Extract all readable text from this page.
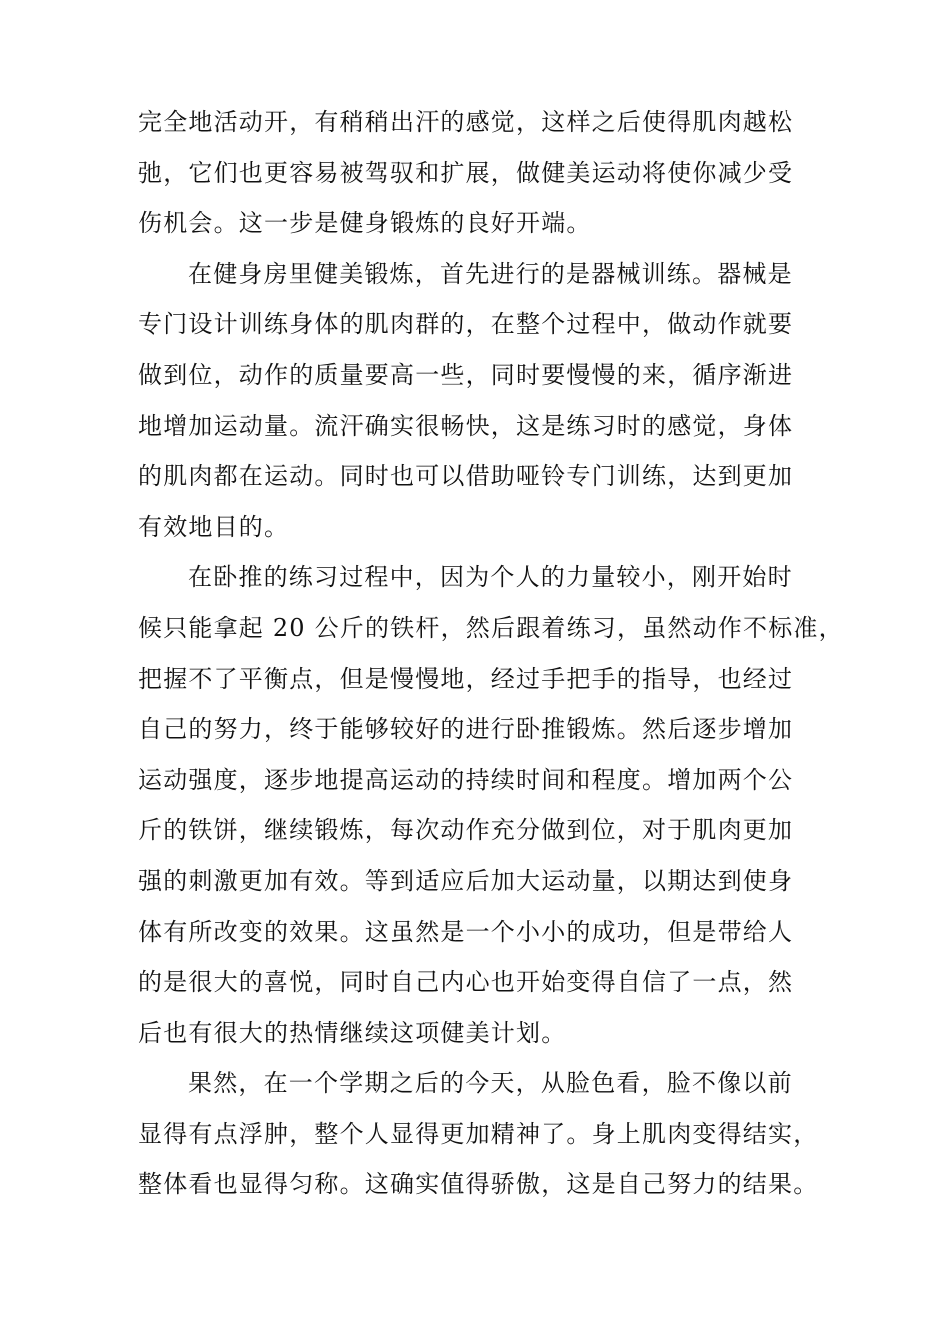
完全地活动开，有稍稍出汗的感觉，这样之后使得肌肉越松
弛，它们也更容易被驾驭和扩展，做健美运动将使你减少受
伤机会。这一步是健身锻炼的良好开端。
在健身房里健美锻炼，首先进行的是器械训练。器械是
专门设计训练身体的肌肉群的，在整个过程中，做动作就要
做到位，动作的质量要高一些，同时要慢慢的来，循序渐进
地增加运动量。流汗确实很畅快，这是练习时的感觉，身体
的肌肉都在运动。同时也可以借助哑铃专门训练，达到更加
有效地目的。
在卧推的练习过程中，因为个人的力量较小，刚开始时
候只能拿起 20 公斤的铁杆，然后跟着练习，虽然动作不标准，
把握不了平衡点，但是慢慢地，经过手把手的指导，也经过
自己的努力，终于能够较好的进行卧推锻炼。然后逐步增加
运动强度，逐步地提高运动的持续时间和程度。增加两个公
斤的铁饼，继续锻炼，每次动作充分做到位，对于肌肉更加
强的刺激更加有效。等到适应后加大运动量，以期达到使身
体有所改变的效果。这虽然是一个小小的成功，但是带给人
的是很大的喜悦，同时自己内心也开始变得自信了一点，然
后也有很大的热情继续这项健美计划。
果然，在一个学期之后的今天，从脸色看，脸不像以前
显得有点浮肿，整个人显得更加精神了。身上肌肉变得结实，
整体看也显得匀称。这确实值得骄傲，这是自己努力的结果。
